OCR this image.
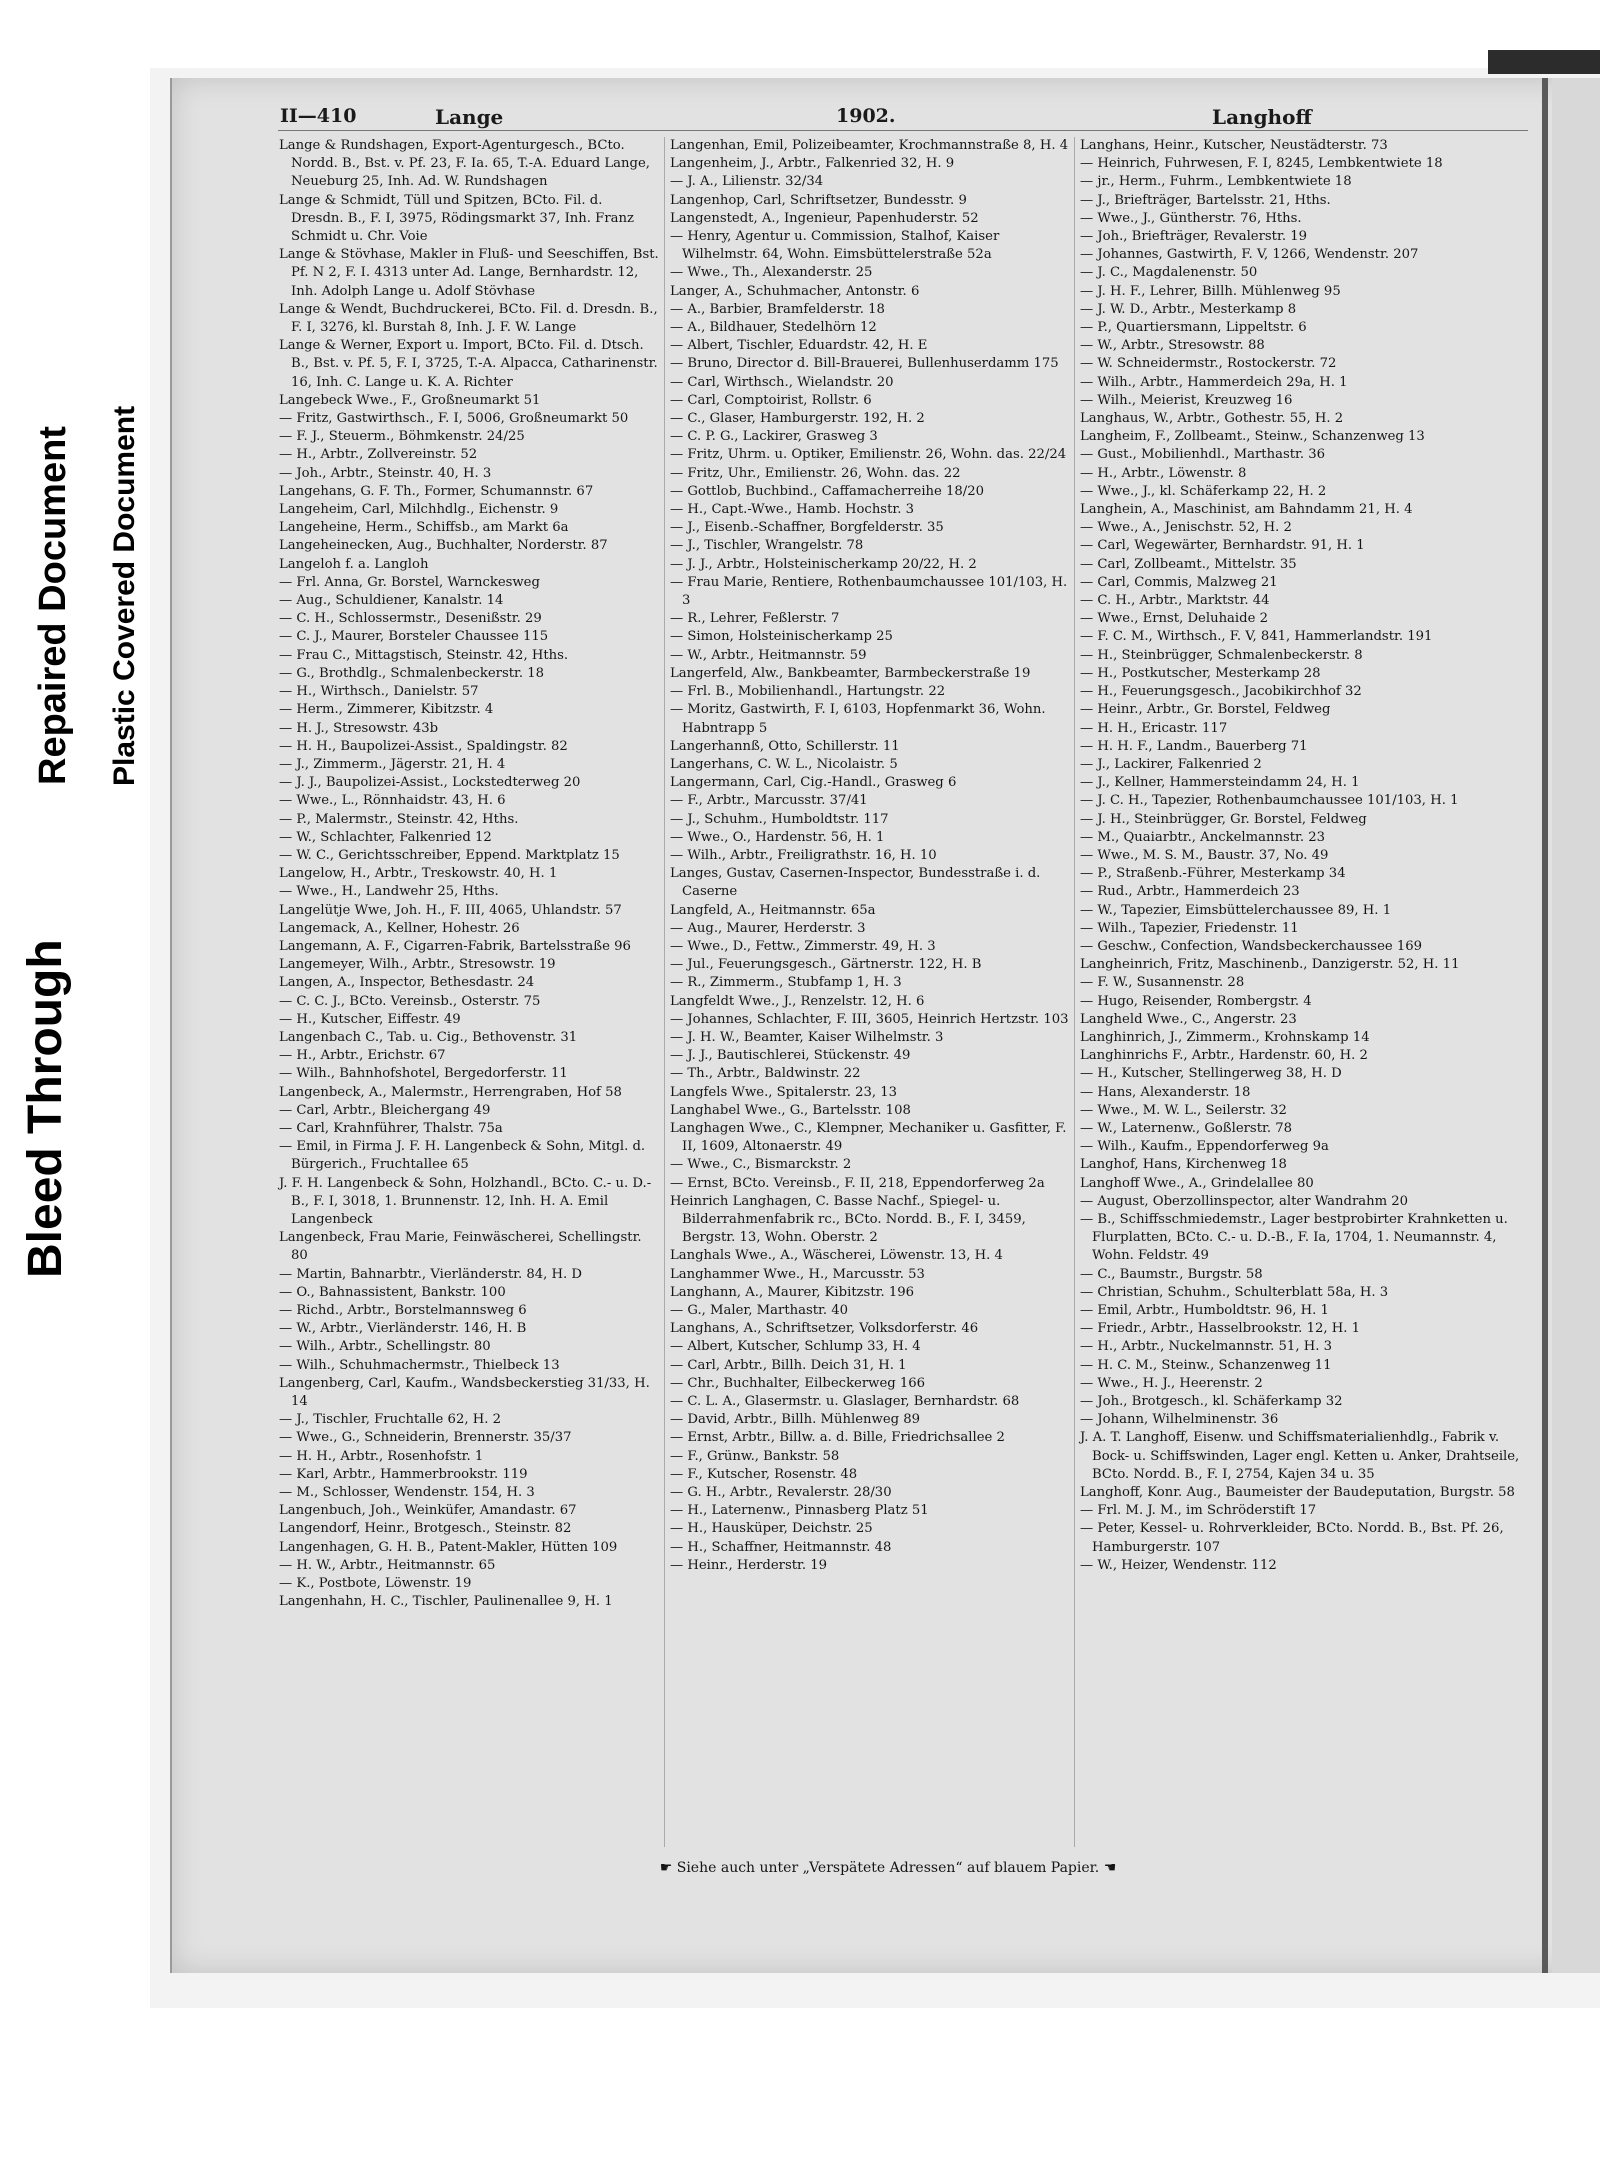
Bleed Through
Repaired Document Plastic Covered Document
II—410	Lange	1902.	Langhoff
Lange & Rundshagen, Export-Agenturgesch., BCto. Nordd. B., Bst. v. Pf. 23, F. Ia. 65, T.-A. Eduard Lange, Neueburg 25, Inh. Ad. W. Rundshagen
Lange & Schmidt, Tüll und Spitzen, BCto. Fil. d. Dresdn. B., F. I, 3975, Rödingsmarkt 37, Inh. Franz Schmidt u. Chr. Voie
Lange & Stövhase, Makler in Fluß- und Seeschiffen, Bst. Pf. N 2, F. I. 4313 unter Ad. Lange, Bernhardstr. 12, Inh. Adolph Lange u. Adolf Stövhase
Lange & Wendt, Buchdruckerei, BCto. Fil. d. Dresdn. B., F. I, 3276, kl. Burstah 8, Inh. J. F. W. Lange
Lange & Werner, Export u. Import, BCto. Fil. d. Dtsch. B., Bst. v. Pf. 5, F. I, 3725, T.-A. Alpacca, Catharinenstr. 16, Inh. C. Lange u. K. A. Richter
Langebeck Wwe., F., Großneumarkt 51
— Fritz, Gastwirthsch., F. I, 5006, Großneumarkt 50
— F. J., Steuerm., Böhmkenstr. 24/25
— H., Arbtr., Zollvereinstr. 52
— Joh., Arbtr., Steinstr. 40, H. 3
Langehans, G. F. Th., Former, Schumannstr. 67
Langeheim, Carl, Milchhdlg., Eichenstr. 9
Langeheine, Herm., Schiffsb., am Markt 6a
Langeheinecken, Aug., Buchhalter, Norderstr. 87
Langeloh f. a. Langloh
— Frl. Anna, Gr. Borstel, Warnckesweg
— Aug., Schuldiener, Kanalstr. 14
— C. H., Schlossermstr., Desenißstr. 29
— C. J., Maurer, Borsteler Chaussee 115
— Frau C., Mittagstisch, Steinstr. 42, Hths.
— G., Brothdlg., Schmalenbeckerstr. 18
— H., Wirthsch., Danielstr. 57
— Herm., Zimmerer, Kibitzstr. 4
— H. J., Stresowstr. 43b
— H. H., Baupolizei-Assist., Spaldingstr. 82
— J., Zimmerm., Jägerstr. 21, H. 4
— J. J., Baupolizei-Assist., Lockstedterweg 20
— Wwe., L., Rönnhaidstr. 43, H. 6
— P., Malermstr., Steinstr. 42, Hths.
— W., Schlachter, Falkenried 12
— W. C., Gerichtsschreiber, Eppend. Marktplatz 15
Langelow, H., Arbtr., Treskowstr. 40, H. 1
— Wwe., H., Landwehr 25, Hths.
Langelütje Wwe, Joh. H., F. III, 4065, Uhlandstr. 57
Langemack, A., Kellner, Hohestr. 26
Langemann, A. F., Cigarren-Fabrik, Bartelsstraße 96
Langemeyer, Wilh., Arbtr., Stresowstr. 19
Langen, A., Inspector, Bethesdastr. 24
— C. C. J., BCto. Vereinsb., Osterstr. 75
— H., Kutscher, Eiffestr. 49
Langenbach C., Tab. u. Cig., Bethovenstr. 31
— H., Arbtr., Erichstr. 67
— Wilh., Bahnhofshotel, Bergedorferstr. 11
Langenbeck, A., Malermstr., Herrengraben, Hof 58
— Carl, Arbtr., Bleichergang 49
— Carl, Krahnführer, Thalstr. 75a
— Emil, in Firma J. F. H. Langenbeck & Sohn, Mitgl. d. Bürgerich., Fruchtallee 65
J. F. H. Langenbeck & Sohn, Holzhandl., BCto. C.- u. D.-B., F. I, 3018, 1. Brunnenstr. 12, Inh. H. A. Emil Langenbeck
Langenbeck, Frau Marie, Feinwäscherei, Schellingstr. 80
— Martin, Bahnarbtr., Vierländerstr. 84, H. D
— O., Bahnassistent, Bankstr. 100
— Richd., Arbtr., Borstelmannsweg 6
— W., Arbtr., Vierländerstr. 146, H. B
— Wilh., Arbtr., Schellingstr. 80
— Wilh., Schuhmachermstr., Thielbeck 13
Langenberg, Carl, Kaufm., Wandsbeckerstieg 31/33, H. 14
— J., Tischler, Fruchtalle 62, H. 2
— Wwe., G., Schneiderin, Brennerstr. 35/37
— H. H., Arbtr., Rosenhofstr. 1
— Karl, Arbtr., Hammerbrookstr. 119
— M., Schlosser, Wendenstr. 154, H. 3
Langenbuch, Joh., Weinküfer, Amandastr. 67
Langendorf, Heinr., Brotgesch., Steinstr. 82
Langenhagen, G. H. B., Patent-Makler, Hütten 109
— H. W., Arbtr., Heitmannstr. 65
— K., Postbote, Löwenstr. 19
Langenhahn, H. C., Tischler, Paulinenallee 9, H. 1
Langenhan, Emil, Polizeibeamter, Krochmannstraße 8, H. 4
Langenheim, J., Arbtr., Falkenried 32, H. 9
— J. A., Lilienstr. 32/34
Langenhop, Carl, Schriftsetzer, Bundesstr. 9
Langenstedt, A., Ingenieur, Papenhuderstr. 52
— Henry, Agentur u. Commission, Stalhof, Kaiser Wilhelmstr. 64, Wohn. Eimsbüttelerstraße 52a
— Wwe., Th., Alexanderstr. 25
Langer, A., Schuhmacher, Antonstr. 6
— A., Barbier, Bramfelderstr. 18
— A., Bildhauer, Stedelhörn 12
— Albert, Tischler, Eduardstr. 42, H. E
— Bruno, Director d. Bill-Brauerei, Bullenhuserdamm 175
— Carl, Wirthsch., Wielandstr. 20
— Carl, Comptoirist, Rollstr. 6
— C., Glaser, Hamburgerstr. 192, H. 2
— C. P. G., Lackirer, Grasweg 3
— Fritz, Uhrm. u. Optiker, Emilienstr. 26, Wohn. das. 22/24
— Fritz, Uhr., Emilienstr. 26, Wohn. das. 22
— Gottlob, Buchbind., Caffamacherreihe 18/20
— H., Capt.-Wwe., Hamb. Hochstr. 3
— J., Eisenb.-Schaffner, Borgfelderstr. 35
— J., Tischler, Wrangelstr. 78
— J. J., Arbtr., Holsteinischerkamp 20/22, H. 2
— Frau Marie, Rentiere, Rothenbaumchaussee 101/103, H. 3
— R., Lehrer, Feßlerstr. 7
— Simon, Holsteinischerkamp 25
— W., Arbtr., Heitmannstr. 59
Langerfeld, Alw., Bankbeamter, Barmbeckerstraße 19
— Frl. B., Mobilienhandl., Hartungstr. 22
— Moritz, Gastwirth, F. I, 6103, Hopfenmarkt 36, Wohn. Habntrapp 5
Langerhannß, Otto, Schillerstr. 11
Langerhans, C. W. L., Nicolaistr. 5
Langermann, Carl, Cig.-Handl., Grasweg 6
— F., Arbtr., Marcusstr. 37/41
— J., Schuhm., Humboldtstr. 117
— Wwe., O., Hardenstr. 56, H. 1
— Wilh., Arbtr., Freiligrathstr. 16, H. 10
Langes, Gustav, Casernen-Inspector, Bundesstraße i. d. Caserne
Langfeld, A., Heitmannstr. 65a
— Aug., Maurer, Herderstr. 3
— Wwe., D., Fettw., Zimmerstr. 49, H. 3
— Jul., Feuerungsgesch., Gärtnerstr. 122, H. B
— R., Zimmerm., Stubfamp 1, H. 3
Langfeldt Wwe., J., Renzelstr. 12, H. 6
— Johannes, Schlachter, F. III, 3605, Heinrich Hertzstr. 103
— J. H. W., Beamter, Kaiser Wilhelmstr. 3
— J. J., Bautischlerei, Stückenstr. 49
— Th., Arbtr., Baldwinstr. 22
Langfels Wwe., Spitalerstr. 23, 13
Langhabel Wwe., G., Bartelsstr. 108
Langhagen Wwe., C., Klempner, Mechaniker u. Gasfitter, F. II, 1609, Altonaerstr. 49
— Wwe., C., Bismarckstr. 2
— Ernst, BCto. Vereinsb., F. II, 218, Eppendorferweg 2a
Heinrich Langhagen, C. Basse Nachf., Spiegel- u. Bilderrahmenfabrik rc., BCto. Nordd. B., F. I, 3459, Bergstr. 13, Wohn. Oberstr. 2
Langhals Wwe., A., Wäscherei, Löwenstr. 13, H. 4
Langhammer Wwe., H., Marcusstr. 53
Langhann, A., Maurer, Kibitzstr. 196
— G., Maler, Marthastr. 40
Langhans, A., Schriftsetzer, Volksdorferstr. 46
— Albert, Kutscher, Schlump 33, H. 4
— Carl, Arbtr., Billh. Deich 31, H. 1
— Chr., Buchhalter, Eilbeckerweg 166
— C. L. A., Glasermstr. u. Glaslager, Bernhardstr. 68
— David, Arbtr., Billh. Mühlenweg 89
— Ernst, Arbtr., Billw. a. d. Bille, Friedrichsallee 2
— F., Grünw., Bankstr. 58
— F., Kutscher, Rosenstr. 48
— G. H., Arbtr., Revalerstr. 28/30
— H., Laternenw., Pinnasberg Platz 51
— H., Hausküper, Deichstr. 25
— H., Schaffner, Heitmannstr. 48
— Heinr., Herderstr. 19
Langhans, Heinr., Kutscher, Neustädterstr. 73
— Heinrich, Fuhrwesen, F. I, 8245, Lembkentwiete 18
— jr., Herm., Fuhrm., Lembkentwiete 18
— J., Briefträger, Bartelsstr. 21, Hths.
— Wwe., J., Güntherstr. 76, Hths.
— Joh., Briefträger, Revalerstr. 19
— Johannes, Gastwirth, F. V, 1266, Wendenstr. 207
— J. C., Magdalenenstr. 50
— J. H. F., Lehrer, Billh. Mühlenweg 95
— J. W. D., Arbtr., Mesterkamp 8
— P., Quartiersmann, Lippeltstr. 6
— W., Arbtr., Stresowstr. 88
— W. Schneidermstr., Rostockerstr. 72
— Wilh., Arbtr., Hammerdeich 29a, H. 1
— Wilh., Meierist, Kreuzweg 16
Langhaus, W., Arbtr., Gothestr. 55, H. 2
Langheim, F., Zollbeamt., Steinw., Schanzenweg 13
— Gust., Mobilienhdl., Marthastr. 36
— H., Arbtr., Löwenstr. 8
— Wwe., J., kl. Schäferkamp 22, H. 2
Langhein, A., Maschinist, am Bahndamm 21, H. 4
— Wwe., A., Jenischstr. 52, H. 2
— Carl, Wegewärter, Bernhardstr. 91, H. 1
— Carl, Zollbeamt., Mittelstr. 35
— Carl, Commis, Malzweg 21
— C. H., Arbtr., Marktstr. 44
— Wwe., Ernst, Deluhaide 2
— F. C. M., Wirthsch., F. V, 841, Hammerlandstr. 191
— H., Steinbrügger, Schmalenbeckerstr. 8
— H., Postkutscher, Mesterkamp 28
— H., Feuerungsgesch., Jacobikirchhof 32
— Heinr., Arbtr., Gr. Borstel, Feldweg
— H. H., Ericastr. 117
— H. H. F., Landm., Bauerberg 71
— J., Lackirer, Falkenried 2
— J., Kellner, Hammersteindamm 24, H. 1
— J. C. H., Tapezier, Rothenbaumchaussee 101/103, H. 1
— J. H., Steinbrügger, Gr. Borstel, Feldweg
— M., Quaiarbtr., Anckelmannstr. 23
— Wwe., M. S. M., Baustr. 37, No. 49
— P., Straßenb.-Führer, Mesterkamp 34
— Rud., Arbtr., Hammerdeich 23
— W., Tapezier, Eimsbüttelerchaussee 89, H. 1
— Wilh., Tapezier, Friedenstr. 11
— Geschw., Confection, Wandsbeckerchaussee 169
Langheinrich, Fritz, Maschinenb., Danzigerstr. 52, H. 11
— F. W., Susannenstr. 28
— Hugo, Reisender, Rombergstr. 4
Langheld Wwe., C., Angerstr. 23
Langhinrich, J., Zimmerm., Krohnskamp 14
Langhinrichs F., Arbtr., Hardenstr. 60, H. 2
— H., Kutscher, Stellingerweg 38, H. D
— Hans, Alexanderstr. 18
— Wwe., M. W. L., Seilerstr. 32
— W., Laternenw., Goßlerstr. 78
— Wilh., Kaufm., Eppendorferweg 9a
Langhof, Hans, Kirchenweg 18
Langhoff Wwe., A., Grindelallee 80
— August, Oberzollinspector, alter Wandrahm 20
— B., Schiffsschmiedemstr., Lager bestprobirter Krahnketten u. Flurplatten, BCto. C.- u. D.-B., F. Ia, 1704, 1. Neumannstr. 4, Wohn. Feldstr. 49
— C., Baumstr., Burgstr. 58
— Christian, Schuhm., Schulterblatt 58a, H. 3
— Emil, Arbtr., Humboldtstr. 96, H. 1
— Friedr., Arbtr., Hasselbrookstr. 12, H. 1
— H., Arbtr., Nuckelmannstr. 51, H. 3
— H. C. M., Steinw., Schanzenweg 11
— Wwe., H. J., Heerenstr. 2
— Joh., Brotgesch., kl. Schäferkamp 32
— Johann, Wilhelminenstr. 36
J. A. T. Langhoff, Eisenw. und Schiffsmaterialienhdlg., Fabrik v. Bock- u. Schiffswinden, Lager engl. Ketten u. Anker, Drahtseile, BCto. Nordd. B., F. I, 2754, Kajen 34 u. 35
Langhoff, Konr. Aug., Baumeister der Baudeputation, Burgstr. 58
— Frl. M. J. M., im Schröderstift 17
— Peter, Kessel- u. Rohrverkleider, BCto. Nordd. B., Bst. Pf. 26, Hamburgerstr. 107
— W., Heizer, Wendenstr. 112
☛ Siehe auch unter „Verspätete Adressen“ auf blauem Papier. ☚
